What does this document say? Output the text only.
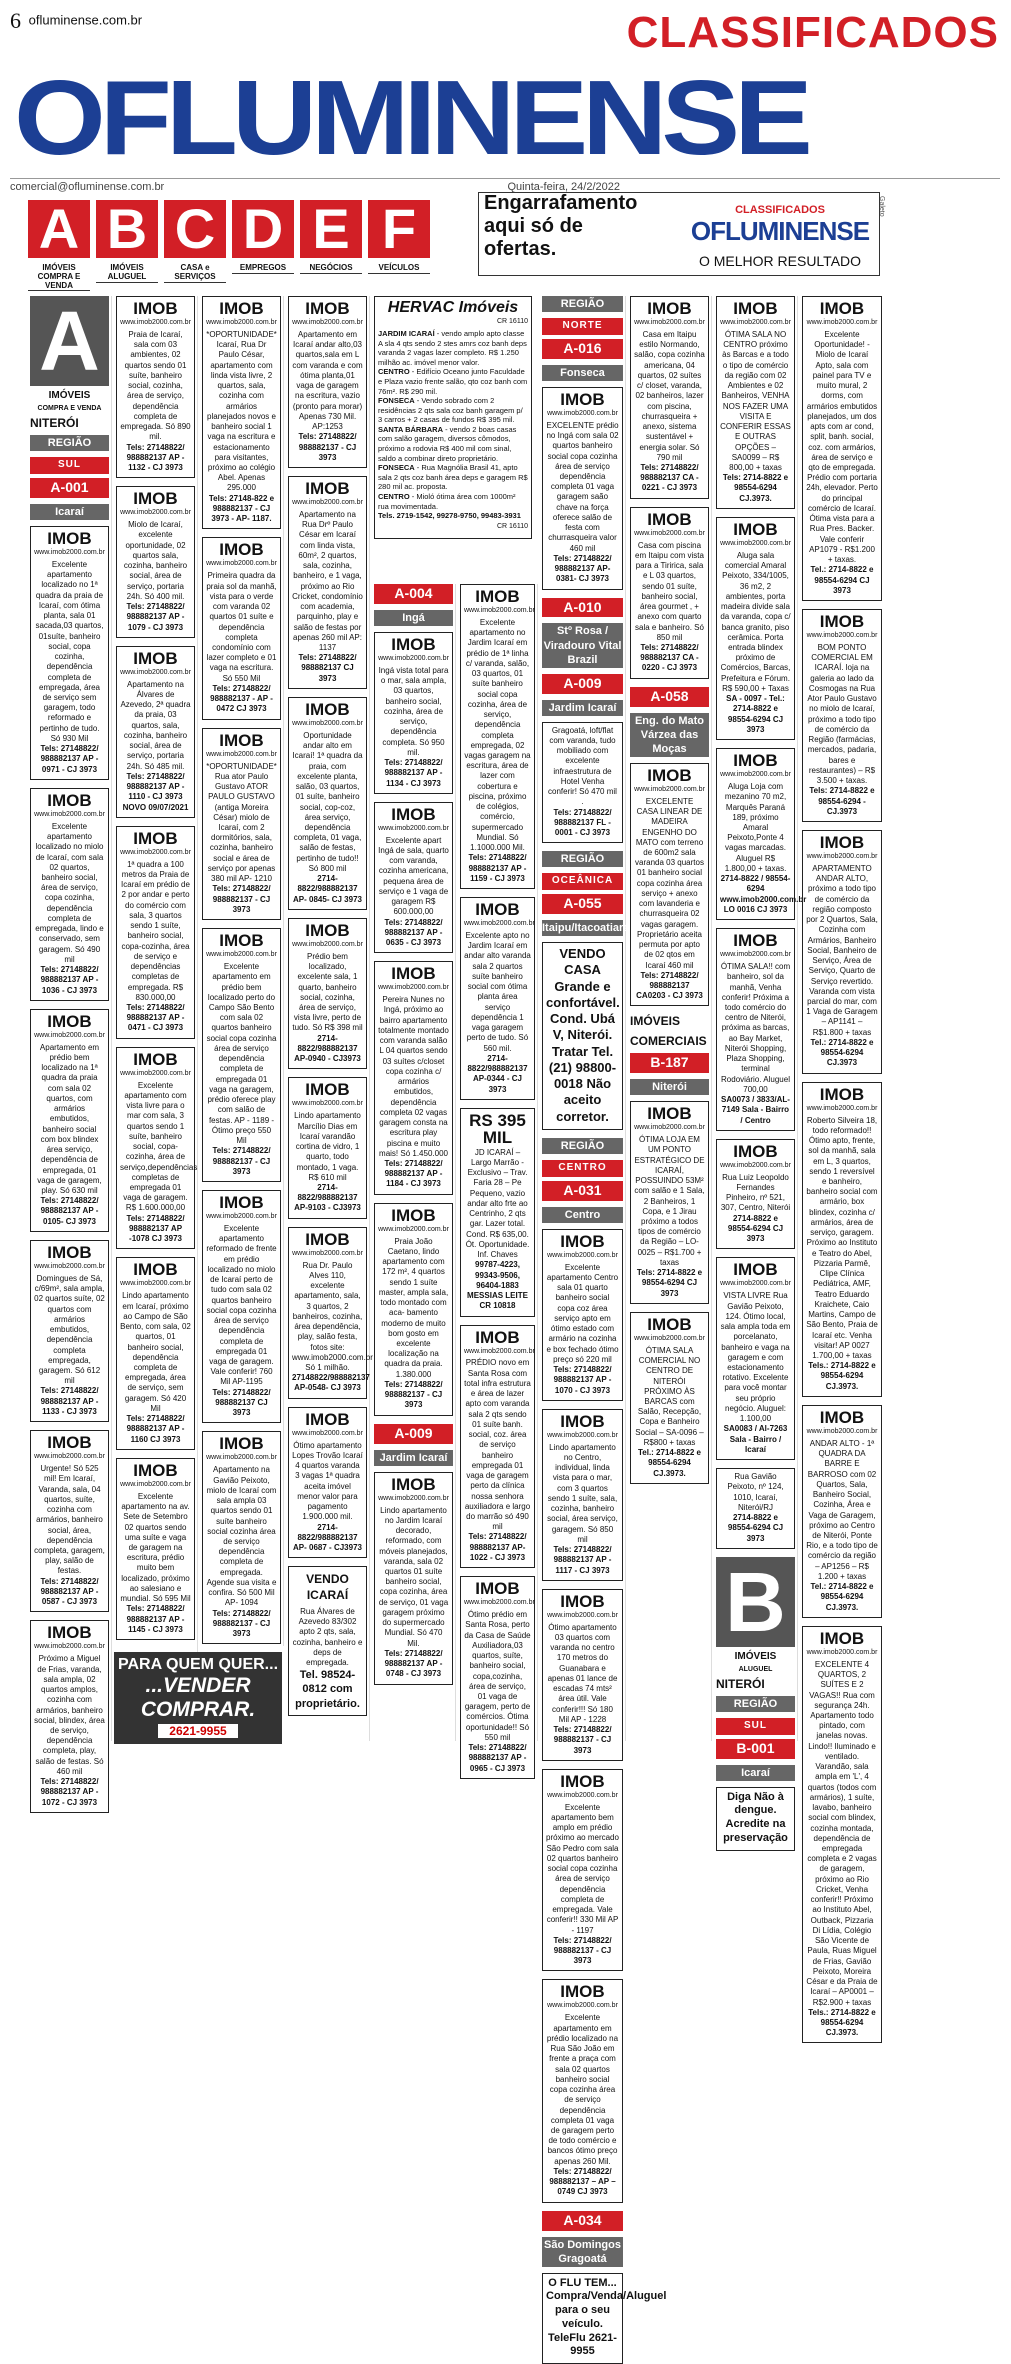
6 ofluminense.com.br	CLASSIFICADOS
OFLUMINENSE
comercial@ofluminense.com.br	Quinta-feira, 24/2/2022
A
IMÓVEIS COMPRA E VENDA
B
IMÓVEIS ALUGUEL
C
CASA e SERVIÇOS
D
EMPREGOS
E
NEGÓCIOS
F
VEÍCULOS
Engarrafamento aqui só de ofertas.
CLASSIFICADOS
OFLUMINENSE
O MELHOR RESULTADO
Galeto
A
IMÓVEIS
COMPRA E VENDA
NITERÓI
REGIÃO
SUL
A-001
Icaraí
IMOB
www.imob2000.com.br
Excelente apartamento localizado no 1ª quadra da praia de Icaraí, com ótima planta, sala 01 sacada,03 quartos, 01suíte, banheiro social, copa cozinha, dependência completa de empregada, área de serviço sem garagem, todo reformado e pertinho de tudo. Só 930 Mil
Tels: 27148822/ 988882137 AP - 0971 - CJ 3973
IMOB
www.imob2000.com.br
Excelente apartamento localizado no miolo de Icaraí, com sala 02 quartos, banheiro social, área de serviço, copa cozinha, dependência completa de empregada, lindo e conservado, sem garagem. Só 490 mil
Tels: 27148822/ 988882137 AP - 1036 - CJ 3973
IMOB
www.imob2000.com.br
Apartamento em prédio bem localizado na 1ª quadra da praia com sala 02 quartos, com armários embutidos, banheiro social com box blindex área serviço, dependência de empregada, 01 vaga de garagem, play. Só 630 mil
Tels: 27148822/ 988882137 AP - 0105- CJ 3973
IMOB
www.imob2000.com.br
Domingues de Sá, c/69m², sala ampla, 02 quartos suíte, 02 quartos com armários embutidos, dependência completa empregada, garagem. Só 612 mil
Tels: 27148822/ 988882137 AP - 1133 - CJ 3973
IMOB
www.imob2000.com.br
Urgente! Só 525 mil! Em Icaraí, Varanda, sala, 04 quartos, suíte, cozinha com armários, banheiro social, área, dependência completa, garagem, play, salão de festas.
Tels: 27148822/ 988882137 AP - 0587 - CJ 3973
IMOB
www.imob2000.com.br
Próximo a Miguel de Frias, varanda, sala ampla, 02 quartos amplos, cozinha com armários, banheiro social, blindex, área de serviço, dependência completa, play, salão de festas. Só 460 mil
Tels: 27148822/ 988882137 AP - 1072 - CJ 3973
IMOB
www.imob2000.com.br
Praia de Icaraí, sala com 03 ambientes, 02 quartos sendo 01 suíte, banheiro social, cozinha, área de serviço, dependência completa de empregada. Só 890 mil.
Tels: 27148822/ 988882137 AP - 1132 - CJ 3973
IMOB
www.imob2000.com.br
Miolo de Icaraí, excelente oportunidade, 02 quartos sala, cozinha, banheiro social, área de serviço, portaria 24h. Só 400 mil.
Tels: 27148822/ 988882137 AP - 1079 - CJ 3973
IMOB
www.imob2000.com.br
Apartamento na Álvares de Azevedo, 2ª quadra da praia, 03 quartos, sala, cozinha, banheiro social, área de serviço, portaria 24h. Só 485 mil.
Tels: 27148822/ 988882137 AP - 1110 - CJ 3973 NOVO 09/07/2021
IMOB
www.imob2000.com.br
1ª quadra a 100 metros da Praia de Icaraí em prédio de 2 por andar e perto do comércio com sala, 3 quartos sendo 1 suíte, banheiro social, copa-cozinha, área de serviço e dependências completas de empregada. R$ 830.000,00
Tels: 27148822/ 988882137 AP - 0471 - CJ 3973
IMOB
www.imob2000.com.br
Excelente apartamento com vista livre para o mar com sala, 3 quartos sendo 1 suíte, banheiro social, copa-cozinha, área de serviço,dependências completas de empregada 01 vaga de garagem. R$ 1.600.000,00
Tels: 27148822/ 988882137 AP -1078 CJ 3973
IMOB
www.imob2000.com.br
Lindo apartamento em Icaraí, próximo ao Campo de São Bento, com sala, 02 quartos, 01 banheiro social, dependência completa de empregada, área de serviço, sem garagem. Só 420 Mil
Tels: 27148822/ 988882137 AP - 1160 CJ 3973
IMOB
www.imob2000.com.br
Excelente apartamento na av. Sete de Setembro 02 quartos sendo uma suíte e vaga de garagem na escritura, prédio muito bem localizado, próximo ao salesiano e mundial. Só 595 Mil
Tels: 27148822/ 988882137 AP - 1145 - CJ 3973
IMOB
www.imob2000.com.br
*OPORTUNIDADE* Icaraí, Rua Dr Paulo César, apartamento com linda vista livre, 2 quartos, sala, cozinha com armários planejados novos e banheiro social 1 vaga na escritura e estacionamento para visitantes, próximo ao colégio Abel. Apenas 295.000
Tels: 27148-822 e 988882137 - CJ 3973 - AP- 1187.
IMOB
www.imob2000.com.br
Primeira quadra da praia sol da manhã, vista para o verde com varanda 02 quartos 01 suíte e dependência completa condomínio com lazer completo e 01 vaga na escritura. Só 550 Mil
Tels: 27148822/ 988882137 - AP - 0472 CJ 3973
IMOB
www.imob2000.com.br
*OPORTUNIDADE* Rua ator Paulo Gustavo ATOR PAULO GUSTAVO (antiga Moreira César) miolo de Icaraí, com 2 dormitórios, sala, cozinha, banheiro social e área de serviço por apenas 380 mil AP- 1210
Tels: 27148822/ 988882137 - CJ 3973
IMOB
www.imob2000.com.br
Excelente apartamento em prédio bem localizado perto do Campo São Bento com sala 02 quartos banheiro social copa cozinha área de serviço dependência completa de empregada 01 vaga na garagem, prédio oferece play com salão de festas. AP - 1189 - Ótimo preço 550 Mil
Tels: 27148822/ 988882137 - CJ 3973
IMOB
www.imob2000.com.br
Excelente apartamento reformado de frente em prédio localizado no miolo de Icaraí perto de tudo com sala 02 quartos banheiro social copa cozinha área de serviço dependência completa de empregada 01 vaga de garagem. Vale conferir! 760 Mil AP-1195
Tels: 27148822/ 988882137 CJ 3973
IMOB
www.imob2000.com.br
Apartamento na Gavião Peixoto, miolo de Icaraí com sala ampla 03 quartos sendo 01 suíte banheiro social cozinha área de serviço dependência completa de empregada. Agende sua visita e confira. Só 500 Mil AP- 1094
Tels: 27148822/ 988882137 - CJ 3973
PARA QUEM QUER...
...VENDER
COMPRAR.
2621-9955
IMOB
www.imob2000.com.br
Apartamento em Icaraí andar alto,03 quartos,sala em L com varanda e com ótima planta,01 vaga de garagem na escritura, vazio (pronto para morar) Apenas 730 Mil. AP:1253
Tels: 27148822/ 988882137 - CJ 3973
IMOB
www.imob2000.com.br
Apartamento na Rua Drº Paulo César em Icaraí com linda vista, 60m², 2 quartos, sala, cozinha, banheiro, e 1 vaga, próximo ao Rio Cricket, condomínio com academia, parquinho, play e salão de festas por apenas 260 mil AP: 1137
Tels: 27148822/ 988882137 CJ 3973
IMOB
www.imob2000.com.br
Oportunidade andar alto em Icaraí! 1ª quadra da praia, com excelente planta, salão, 03 quartos, 01 suíte, banheiro social, cop-coz, área serviço, dependência completa, 01 vaga, salão de festas, pertinho de tudo!! Só 800 mil
2714-8822/988882137 AP- 0845- CJ 3973
IMOB
www.imob2000.com.br
Prédio bem localizado, excelente sala, 1 quarto, banheiro social, cozinha, área de serviço, vista livre, perto de tudo. Só R$ 398 mil
2714-8822/988882137 AP-0940 - CJ3973
IMOB
www.imob2000.com.br
Lindo apartamento Marcílio Dias em Icaraí varandão cortina de vidro, 1 quarto, todo montado, 1 vaga. R$ 610 mil
2714-8822/988882137 AP-9103 - CJ3973
IMOB
www.imob2000.com.br
Rua Dr. Paulo Alves 110, excelente apartamento, sala, 3 quartos, 2 banheiros, cozinha, área dependência, play, salão festa, fotos site: www.imob2000.com.br Só 1 milhão.
27148822/988882137 AP-0548- CJ 3973
IMOB
www.imob2000.com.br
Ótimo apartamento Lopes Trovão Icaraí 4 quartos varanda 3 vagas 1ª quadra aceita imóvel menor valor para pagamento 1.900.000 mil.
2714-8822/988882137 AP- 0687 - CJ3973
VENDO ICARAÍ
Rua Álvares de Azevedo 83/302 apto 2 qts, sala, cozinha, banheiro e deps de empregada.
Tel. 98524-0812 com proprietário.
HERVAC Imóveis
CR 16110
JARDIM ICARAÍ - vendo amplo apto classe A sla 4 qts sendo 2 stes amrs coz banh deps varanda 2 vagas lazer completo. R$ 1.250 milhão ac. imóvel menor valor.
CENTRO - Edifício Oceano junto Faculdade e Plaza vazio frente salão, qto coz banh com 76m². R$ 290 mil.
FONSECA - Vendo sobrado com 2 residências 2 qts sala coz banh garagem p/ 3 carros + 2 casas de fundos R$ 395 mil.
SANTA BÁRBARA - vendo 2 boas casas com salão garagem, diversos cômodos, próximo a rodovia R$ 400 mil com sinal, saldo a combinar direto proprietário.
FONSECA - Rua Magnólia Brasil 41, apto sala 2 qts coz banh área deps e garagem R$ 280 mil ac. proposta.
CENTRO - Mioló ótima área com 1000m² rua movimentada.
Tels. 2719-1542, 99278-9750, 99483-3931
CR 16110
A-004
Ingá
IMOB
www.imob2000.com.br
Ingá vista total para o mar, sala ampla, 03 quartos, banheiro social, cozinha, área de serviço, dependência completa. Só 950 mil.
Tels: 27148822/ 988882137 AP - 1134 - CJ 3973
IMOB
www.imob2000.com.br
Excelente apart Ingá de sala, quarto com varanda, cozinha americana, pequena área de serviço e 1 vaga de garagem R$ 600.000,00
Tels: 27148822/ 988882137 AP - 0635 - CJ 3973
IMOB
www.imob2000.com.br
Pereira Nunes no Ingá, próximo ao bairro apartamento totalmente montado com varanda salão L 04 quartos sendo 03 suítes c/closet copa cozinha c/ armários embutidos, dependência completa 02 vagas garagem consta na escritura play piscina e muito mais! Só 1.450.000
Tels: 27148822/ 988882137 AP - 1184 - CJ 3973
IMOB
www.imob2000.com.br
Praia João Caetano, lindo apartamento com 172 m², 4 quartos sendo 1 suíte master, ampla sala, todo montado com aca- bamento moderno de muito bom gosto em excelente localização na quadra da praia. 1.380.000
Tels: 27148822/ 988882137 - CJ 3973
A-009
Jardim Icaraí
IMOB
www.imob2000.com.br
Lindo apartamento no Jardim Icaraí decorado, reformado, com móveis planejados, varanda, sala 02 quartos 01 suíte banheiro social, copa cozinha, área de serviço, 01 vaga garagem próximo do supermercado Mundial. Só 470 Mil.
Tels: 27148822/ 988882137 AP - 0748 - CJ 3973
IMOB
www.imob2000.com.br
Excelente apartamento no Jardim Icaraí em prédio de 1ª linha c/ varanda, salão, 03 quartos, 01 suíte banheiro social copa cozinha, área de serviço, dependência completa empregada, 02 vagas garagem na escritura, área de lazer com cobertura e piscina, próximo de colégios, comércio, supermercado Mundial. Só 1.1000.000 Mil.
Tels: 27148822/ 988882137 AP - 1159 - CJ 3973
IMOB
www.imob2000.com.br
Excelente apto no Jardim Icaraí em andar alto varanda sala 2 quartos suíte banheiro social com ótima planta área serviço dependência 1 vaga garagem perto de tudo. Só 560 mil.
2714-8822/988882137 AP-0344 - CJ 3973
RS 395 MIL
JD ICARAÍ – Largo Marrão - Exclusivo – Trav. Faria 28 – Pe Pequeno, vazio andar alto frte ao Centrinho, 2 qts gar. Lazer total. Cond. R$ 635,00. Ót. Oportunidade. Inf. Chaves
99787-4223, 99343-9506, 96404-1883 MESSIAS LEITE CR 10818
IMOB
www.imob2000.com.br
PRÉDIO novo em Santa Rosa com total infra estrutura e área de lazer apto com varanda sala 2 qts sendo 01 suíte banh. social, coz. área de serviço banheiro empregada 01 vaga de garagem perto da clínica nossa senhora auxiliadora e largo do marrão só 490 mil
Tels: 27148822/ 988882137 AP- 1022 - CJ 3973
IMOB
www.imob2000.com.br
Ótimo prédio em Santa Rosa, perto da Casa de Saúde Auxiliadora,03 quartos, suíte, banheiro social, copa,cozinha, área de serviço, 01 vaga de garagem, perto de comércios. Ótima oportunidade!! Só 550 mil
Tels: 27148822/ 988882137 AP - 0965 - CJ 3973
REGIÃO
NORTE
A-016
Fonseca
IMOB
www.imob2000.com.br
EXCELENTE prédio no Ingá com sala 02 quartos banheiro social copa cozinha área de serviço dependência completa 01 vaga garagem saão chave na força oferece salão de festa com churrasqueira valor 460 mil
Tels: 27148822/ 988882137 AP- 0381- CJ 3973
A-010
Stº Rosa / Viradouro Vital Brazil
A-009
Jardim Icaraí
Gragoatá, loft/flat com varanda, tudo mobiliado com excelente infraestrutura de Hotel Venha conferir! Só 470 mil .
Tels: 27148822/ 988882137 FL - 0001 - CJ 3973
REGIÃO
OCEÂNICA
A-055
Itaipu/Itacoatiara
VENDO CASA Grande e confortável. Cond. Ubá V, Niterói. Tratar Tel. (21) 98800-0018 Não aceito corretor.
REGIÃO
CENTRO
A-031
Centro
IMOB
www.imob2000.com.br
Excelente apartamento Centro sala 01 quarto banheiro social copa coz área serviço apto em ótimo estado com armário na cozinha e box fechado ótimo preço só 220 mil
Tels: 27148822/ 988882137 AP - 1070 - CJ 3973
IMOB
www.imob2000.com.br
Lindo apartamento no Centro, individual, linda vista para o mar, com 3 quartos sendo 1 suíte, sala, cozinha, banheiro social, área serviço, garagem. Só 850 mil
Tels: 27148822/ 988882137 AP - 1117 - CJ 3973
IMOB
www.imob2000.com.br
Ótimo apartamento 03 quartos com varanda no centro 170 metros do Guanabara e apenas 01 lance de escadas 74 mts² área útil. Vale conferir!!! Só 180 Mil AP - 1228
Tels: 27148822/ 988882137 - CJ 3973
IMOB
www.imob2000.com.br
Excelente apartamento bem amplo em prédio próximo ao mercado São Pedro com sala 02 quartos banheiro social copa cozinha área de serviço dependência completa de empregada. Vale conferir!! 330 Mil AP - 1197
Tels: 27148822/ 988882137 - CJ 3973
IMOB
www.imob2000.com.br
Excelente apartamento em prédio localizado na Rua São João em frente a praça com sala 02 quartos banheiro social copa cozinha área de serviço dependência completa 01 vaga de garagem perto de todo comércio e bancos ótimo preço apenas 260 Mil.
Tels: 27148822/ 988882137 – AP – 0749 CJ 3973
A-034
São Domingos Gragoatá
O FLU TEM... Compra/Venda/Aluguel para o seu veículo. TeleFlu 2621-9955
IMOB
www.imob2000.com.br
Casa em Itaipu estilo Normando, salão, copa cozinha americana, 04 quartos, 02 suítes c/ closet, varanda, 02 banheiros, lazer com piscina, churrasqueira + anexo, sistema sustentável + energia solar. Só 790 mil
Tels: 27148822/ 988882137 CA - 0221 - CJ 3973
IMOB
www.imob2000.com.br
Casa com piscina em Itaipu com vista para a Tiririca, sala e L 03 quartos, sendo 01 suíte, banheiro social, área gourmet , + anexo com quarto sala e banheiro. Só 850 mil
Tels: 27148822/ 988882137 CA - 0220 - CJ 3973
A-058
Eng. do Mato Várzea das Moças
IMOB
www.imob2000.com.br
EXCELENTE CASA LINEAR DE MADEIRA ENGENHO DO MATO com terreno de 600m2 sala varanda 03 quartos 01 banheiro social copa cozinha área serviço + anexo com lavanderia e churrasqueira 02 vagas garagem. Proprietário aceita permuta por apto de 02 qtos em Icaraí 460 mil
Tels: 27148822/ 988882137 CA0203 - CJ 3973
IMÓVEIS
COMERCIAIS
B-187
Niterói
IMOB
www.imob2000.com.br
ÓTIMA LOJA EM UM PONTO ESTRATÉGICO DE ICARAÍ, POSSUINDO 53M² com salão e 1 Sala, 2 Banheiros, 1 Copa, e 1 Jirau próximo a todos tipos de comércio da Região – LO-0025 – R$1.700 + taxas
Tels: 2714-8822 e 98554-6294 CJ 3973
IMOB
www.imob2000.com.br
ÓTIMA SALA COMERCIAL NO CENTRO DE NITERÓI PRÓXIMO ÀS BARCAS com Salão, Recepção, Copa e Banheiro Social – SA-0096 – R$800 + taxas
Tel.: 2714-8822 e 98554-6294 CJ.3973.
IMOB
www.imob2000.com.br
ÓTIMA SALA NO CENTRO próximo às Barcas e a todo o tipo de comércio da região com 02 Ambientes e 02 Banheiros, VENHA NOS FAZER UMA VISITA E CONFERIR ESSAS E OUTRAS OPÇÕES – SA0099 – R$ 800,00 + taxas
Tels: 2714-8822 e 98554-6294 CJ.3973.
IMOB
www.imob2000.com.br
Aluga sala comercial Amaral Peixoto, 334/1005, 36 m2, 2 ambientes, porta madeira divide sala da varanda, copa c/ banca granito, piso cerâmica. Porta entrada blindex próximo de Comércios, Barcas, Prefeitura e Fórum. R$ 590,00 + Taxas
SA - 0097 - Tel.: 2714-8822 e 98554-6294 CJ 3973
IMOB
www.imob2000.com.br
Aluga Loja com mezanino 70 m2, Marquês Paraná 189, próximo Amaral Peixoto,Ponte 4 vagas marcadas. Aluguel R$ 1.800,00 + taxas.
2714-8822 / 98554-6294 www.imob2000.com.br LO 0016 CJ 3973
IMOB
www.imob2000.com.br
ÓTIMA SALA!! com banheiro, sol da manhã, Venha conferir! Próxima a todo comércio do centro de Niterói, próxima as barcas, ao Bay Market, Niterói Shopping, Plaza Shopping, terminal Rodoviário. Aluguel 700,00
SA0073 / 3833/AL-7149 Sala - Bairro / Centro
IMOB
www.imob2000.com.br
Rua Luiz Leopoldo Fernandes Pinheiro, nº 521, 307, Centro, Niterói
2714-8822 e 98554-6294 CJ 3973
IMOB
www.imob2000.com.br
VISTA LIVRE Rua Gavião Peixoto, 124. Ótimo local, sala ampla toda em porcelanato, banheiro e vaga na garagem e com estacionamento rotativo. Excelente para você montar seu próprio negócio. Aluguel: 1.100,00
SA0083 / Al-7263 Sala - Bairro / Icaraí
Rua Gavião Peixoto, nº 124, 1010, Icaraí, Niterói/RJ
2714-8822 e 98554-6294 CJ 3973
B
IMÓVEIS
ALUGUEL
NITERÓI
REGIÃO
SUL
B-001
Icaraí
Diga Não à dengue. Acredite na preservação
IMOB
www.imob2000.com.br
Excelente Oportunidade! - Miolo de Icaraí Apto, sala com painel para TV e muito mural, 2 dorms, com armários embutidos planejados, um dos apts com ar cond, split, banh. social, coz. com armários, área de serviço e qto de empregada. Prédio com portaria 24h, elevador. Perto do principal comércio de Icaraí. Ótima vista para a Rua Pres. Backer. Vale conferir AP1079 - R$1.200 + taxas.
Tel.: 2714-8822 e 98554-6294 CJ 3973
IMOB
www.imob2000.com.br
BOM PONTO COMERCIAL EM ICARAÍ. loja na galeria ao lado da Cosmogas na Rua Ator Paulo Gustavo no miolo de Icaraí, próximo a todo tipo de comércio da Região (farmácias, mercados, padaria, bares e restaurantes) – R$ 3.500 + taxas.
Tels: 2714-8822 e 98554-6294 - CJ.3973
IMOB
www.imob2000.com.br
APARTAMENTO ANDAR ALTO, próximo a todo tipo de comércio da região composto por 2 Quartos, Sala, Cozinha com Armários, Banheiro Social, Banheiro de Serviço, Área de Serviço, Quarto de Serviço revertido. Varanda com vista parcial do mar, com 1 Vaga de Garagem – AP1141 – R$1.800 + taxas
Tel.: 2714-8822 e 98554-6294 CJ.3973
IMOB
www.imob2000.com.br
Roberto Silveira 18, todo reformado!! Ótimo apto, frente, sol da manhã, sala em L, 3 quartos, sendo 1 reversível e banheiro, banheiro social com armário, box blindex, cozinha c/ armários, área de serviço, garagem. Próximo ao Instituto e Teatro do Abel, Pizzaria Parmê, Clipe Clínica Pediátrica, AMF, Teatro Eduardo Kraichete, Caio Martins, Campo de São Bento, Praia de Icaraí etc. Venha visitar! AP 0027 1.700,00 + taxas
Tels.: 2714-8822 e 98554-6294 CJ.3973.
IMOB
www.imob2000.com.br
ANDAR ALTO - 1ª QUADRA DA BARRE E BARROSO com 02 Quartos, Sala, Banheiro Social, Cozinha, Área e Vaga de Garagem, próximo ao Centro de Niterói, Ponte Rio, e a todo tipo de comércio da região – AP1256 – R$ 1.200 + taxas
Tel.: 2714-8822 e 98554-6294 CJ.3973.
IMOB
www.imob2000.com.br
EXCELENTE 4 QUARTOS, 2 SUÍTES E 2 VAGAS!! Rua com segurança 24h. Apartamento todo pintado, com janelas novas. Lindo!! Iluminado e ventilado. Varandão, sala ampla em 'L', 4 quartos (todos com armários), 1 suíte, lavabo, banheiro social com blindex, cozinha montada, dependência de empregada completa e 2 vagas de garagem, próximo ao Rio Cricket, Venha conferir!! Próximo ao Instituto Abel, Outback, Pizzaria Di Lídia, Colégio São Vicente de Paula, Ruas Miguel de Frias, Gavião Peixoto, Moreira César e da Praia de Icaraí – AP0001 – R$2.900 + taxas
Tels.: 2714-8822 e 98554-6294 CJ.3973.
